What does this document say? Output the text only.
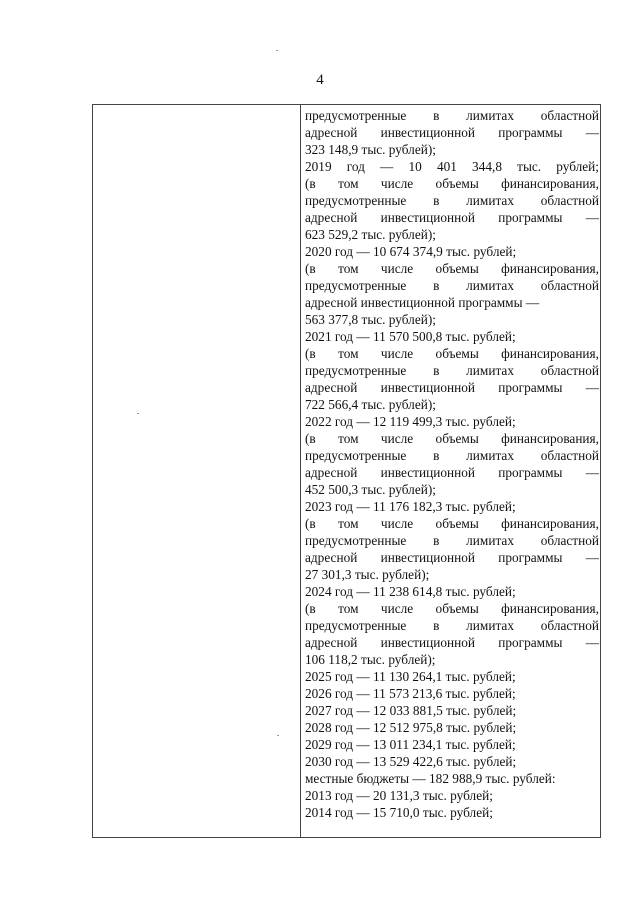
4
предусмотренные в лимитах областной
адресной инвестиционной программы —
323 148,9 тыс. рублей);
2019 год — 10 401 344,8 тыс. рублей;
(в том числе объемы финансирования,
предусмотренные в лимитах областной
адресной инвестиционной программы —
623 529,2 тыс. рублей);
2020 год — 10 674 374,9 тыс. рублей;
(в том числе объемы финансирования,
предусмотренные в лимитах областной
адресной инвестиционной программы —
563 377,8 тыс. рублей);
2021 год — 11 570 500,8 тыс. рублей;
(в том числе объемы финансирования,
предусмотренные в лимитах областной
адресной инвестиционной программы —
722 566,4 тыс. рублей);
2022 год — 12 119 499,3 тыс. рублей;
(в том числе объемы финансирования,
предусмотренные в лимитах областной
адресной инвестиционной программы —
452 500,3 тыс. рублей);
2023 год — 11 176 182,3 тыс. рублей;
(в том числе объемы финансирования,
предусмотренные в лимитах областной
адресной инвестиционной программы —
27 301,3 тыс. рублей);
2024 год — 11 238 614,8 тыс. рублей;
(в том числе объемы финансирования,
предусмотренные в лимитах областной
адресной инвестиционной программы —
106 118,2 тыс. рублей);
2025 год — 11 130 264,1 тыс. рублей;
2026 год — 11 573 213,6 тыс. рублей;
2027 год — 12 033 881,5 тыс. рублей;
2028 год — 12 512 975,8 тыс. рублей;
2029 год — 13 011 234,1 тыс. рублей;
2030 год — 13 529 422,6 тыс. рублей;
местные бюджеты — 182 988,9 тыс. рублей:
2013 год — 20 131,3 тыс. рублей;
2014 год — 15 710,0 тыс. рублей;
